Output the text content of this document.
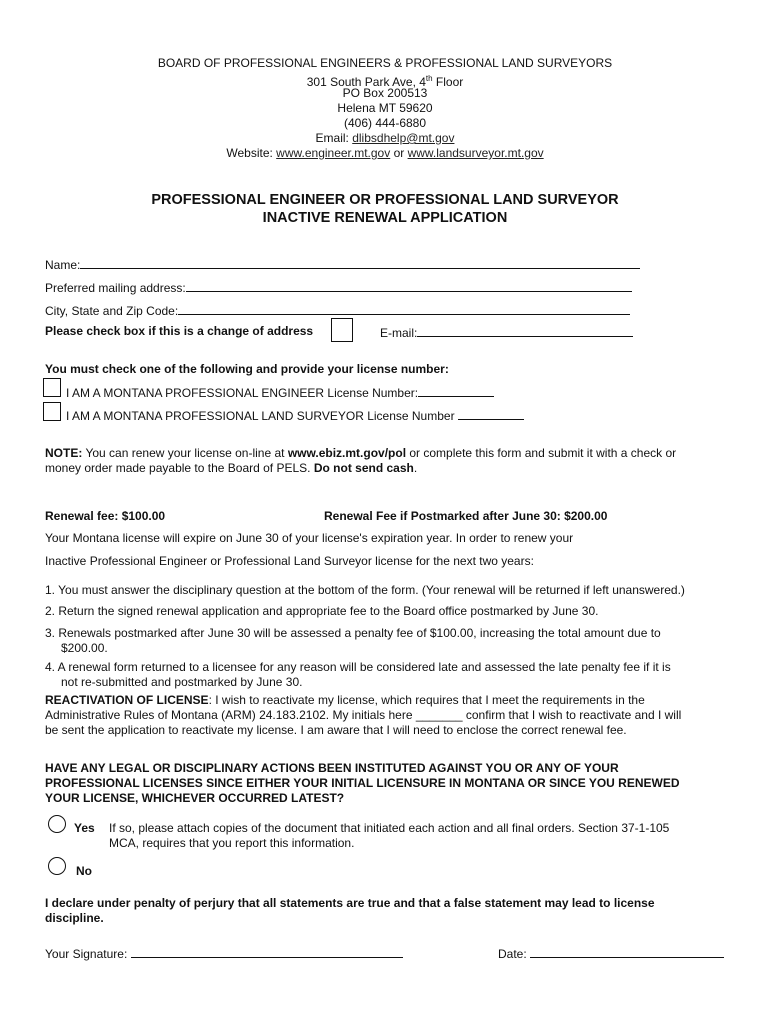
BOARD OF PROFESSIONAL ENGINEERS & PROFESSIONAL LAND SURVEYORS
301 South Park Ave, 4th Floor
PO Box 200513
Helena MT 59620
(406) 444-6880
Email: dlibsdhelp@mt.gov
Website: www.engineer.mt.gov or www.landsurveyor.mt.gov
PROFESSIONAL ENGINEER OR PROFESSIONAL LAND SURVEYOR
INACTIVE RENEWAL APPLICATION
Name:
Preferred mailing address:
City, State and Zip Code:
Please check box if this is a change of address	E-mail:
You must check one of the following and provide your license number:
I AM A MONTANA PROFESSIONAL ENGINEER License Number:
I AM A MONTANA PROFESSIONAL LAND SURVEYOR License Number
NOTE: You can renew your license on-line at www.ebiz.mt.gov/pol or complete this form and submit it with a check or
money order made payable to the Board of PELS. Do not send cash.
Renewal fee: $100.00	Renewal Fee if Postmarked after June 30: $200.00
Your Montana license will expire on June 30 of your license's expiration year. In order to renew your
Inactive Professional Engineer or Professional Land Surveyor license for the next two years:
1. You must answer the disciplinary question at the bottom of the form. (Your renewal will be returned if left unanswered.)
2. Return the signed renewal application and appropriate fee to the Board office postmarked by June 30.
3. Renewals postmarked after June 30 will be assessed a penalty fee of $100.00, increasing the total amount due to
$200.00.
4. A renewal form returned to a licensee for any reason will be considered late and assessed the late penalty fee if it is
not re-submitted and postmarked by June 30.
REACTIVATION OF LICENSE: I wish to reactivate my license, which requires that I meet the requirements in the
Administrative Rules of Montana (ARM) 24.183.2102. My initials here _______ confirm that I wish to reactivate and I will
be sent the application to reactivate my license. I am aware that I will need to enclose the correct renewal fee.
HAVE ANY LEGAL OR DISCIPLINARY ACTIONS BEEN INSTITUTED AGAINST YOU OR ANY OF YOUR
PROFESSIONAL LICENSES SINCE EITHER YOUR INITIAL LICENSURE IN MONTANA OR SINCE YOU RENEWED
YOUR LICENSE, WHICHEVER OCCURRED LATEST?
Yes If so, please attach copies of the document that initiated each action and all final orders. Section 37-1-105
MCA, requires that you report this information.
No
I declare under penalty of perjury that all statements are true and that a false statement may lead to license
discipline.
Your Signature:	Date:
